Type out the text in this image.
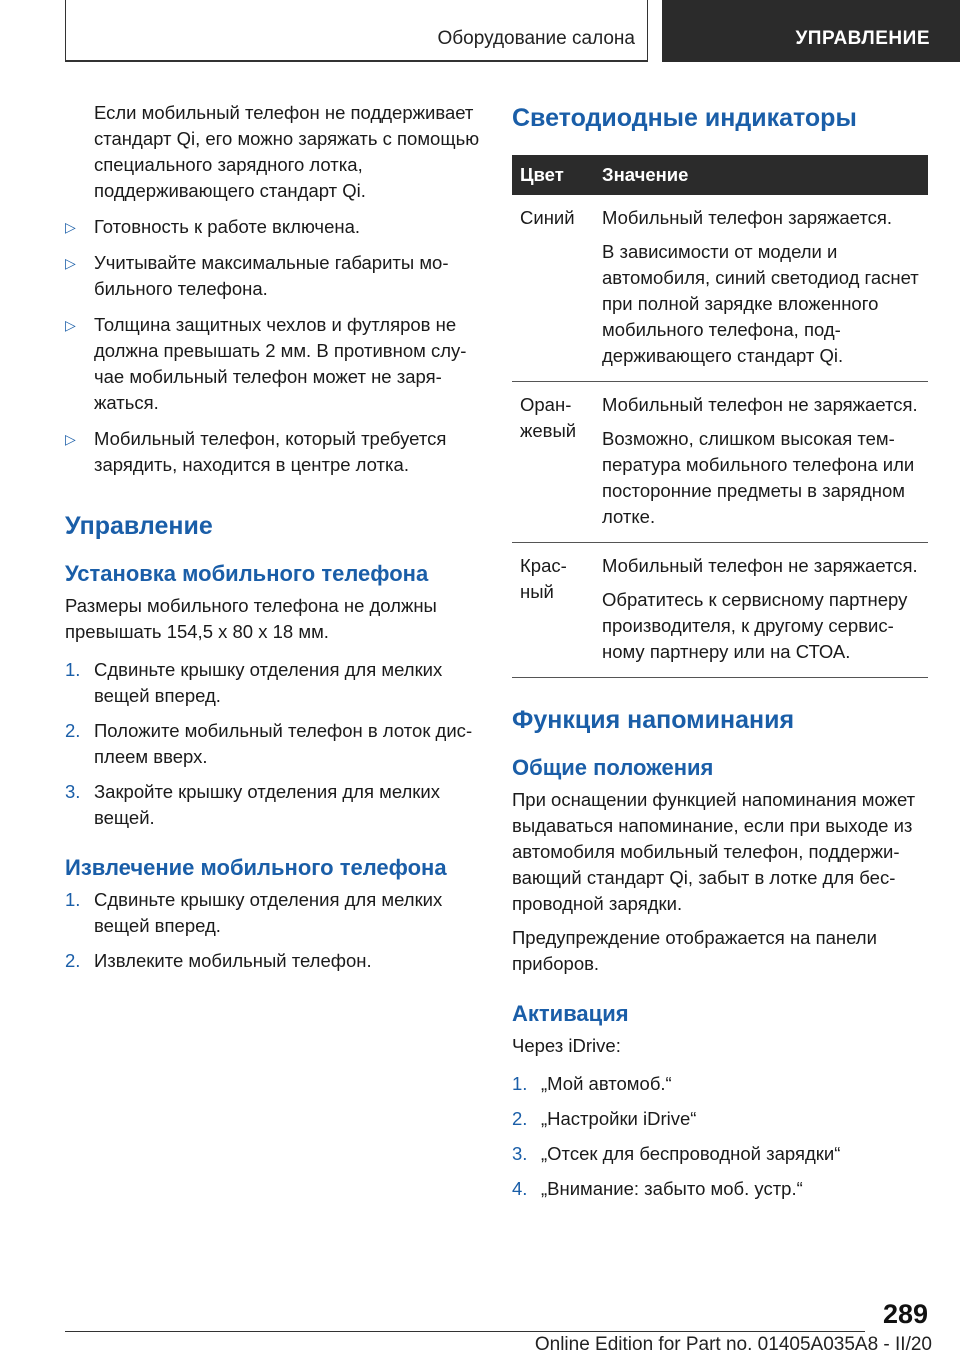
Оборудование салона	УПРАВЛЕНИЕ

Если мобильный телефон не поддерживает стандарт Qi, его можно заряжать с помощью специального зарядного лотка, поддерживающего стандарт Qi.

▷ Готовность к работе включена.
▷ Учитывайте максимальные габариты мобильного телефона.
▷ Толщина защитных чехлов и футляров не должна превышать 2 мм. В противном случае мобильный телефон может не заряжаться.
▷ Мобильный телефон, который требуется зарядить, находится в центре лотка.
Управление
Установка мобильного телефона

Размеры мобильного телефона не должны превышать 154,5 x 80 x 18 мм.

1. Сдвиньте крышку отделения для мелких вещей вперед.
2. Положите мобильный телефон в лоток дисплеем вверх.
3. Закройте крышку отделения для мелких вещей.
Извлечение мобильного телефона
1. Сдвиньте крышку отделения для мелких вещей вперед.
2. Извлеките мобильный телефон.
Светодиодные индикаторы
Цвет	Значение
Синий	Мобильный телефон заряжается.
В зависимости от модели и автомобиля, синий светодиод гаснет при полной зарядке вложенного мобильного телефона, поддерживающего стандарт Qi.

Оранжевый	Мобильный телефон не заряжается.
Возможно, слишком высокая температура мобильного телефона или посторонние предметы в зарядном лотке.

Красный	Мобильный телефон не заряжается.
Обратитесь к сервисному партнеру производителя, к другому сервисному партнеру или на СТОА.
Функция напоминания
Общие положения

При оснащении функцией напоминания может выдаваться напоминание, если при выходе из автомобиля мобильный телефон, поддерживающий стандарт Qi, забыт в лотке для беспроводной зарядки.

Предупреждение отображается на панели приборов.

Активация

Через iDrive:

1. „Мой автомоб.“
2. „Настройки iDrive“
3. „Отсек для беспроводной зарядки“
4. „Внимание: забыто моб. устр.“
289
Online Edition for Part no. 01405A035A8 - II/20
